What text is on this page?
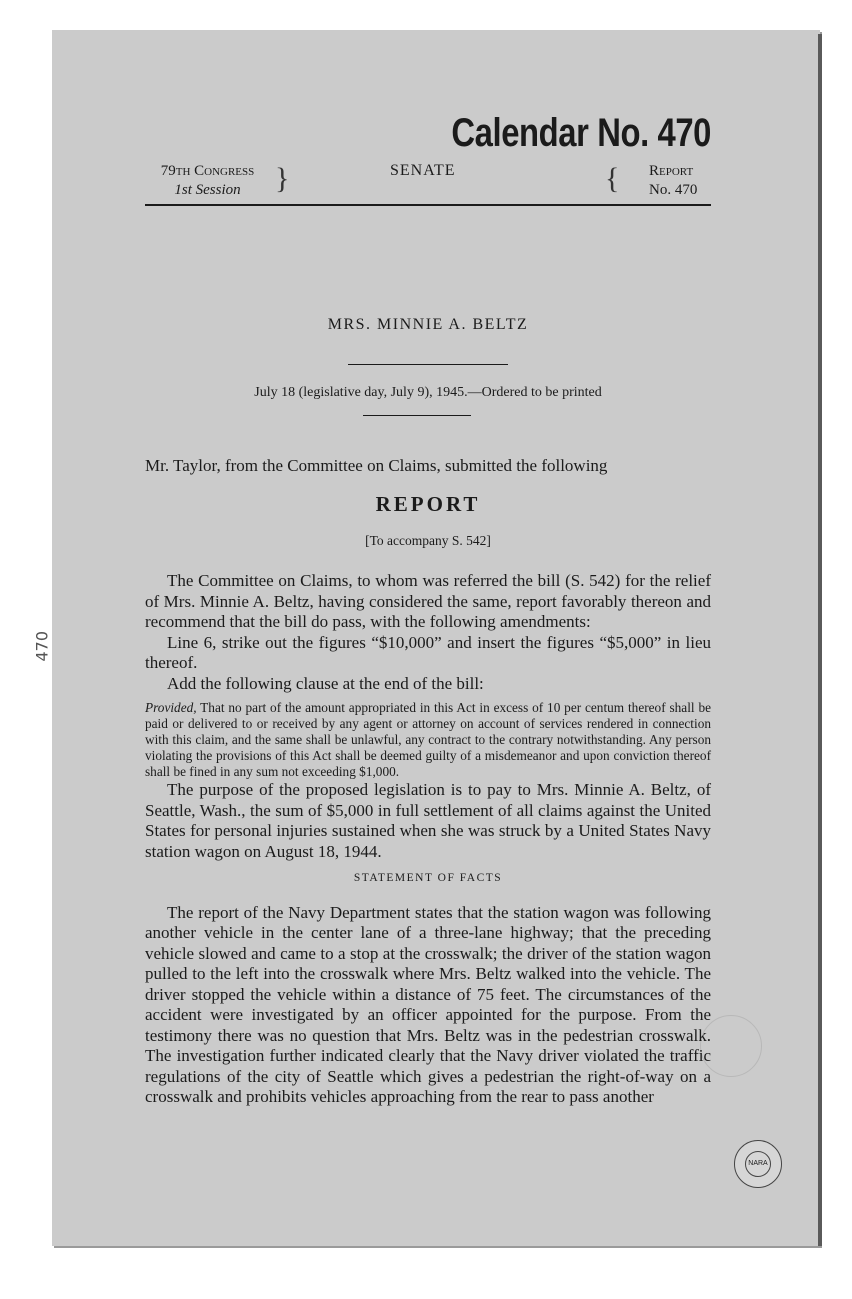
470
Calendar No. 470
79th Congress
1st Session	}	SENATE	{ Report
No. 470
MRS. MINNIE A. BELTZ
July 18 (legislative day, July 9), 1945.—Ordered to be printed
Mr. Taylor, from the Committee on Claims, submitted the following
REPORT
[To accompany S. 542]

The Committee on Claims, to whom was referred the bill (S. 542) for the relief of Mrs. Minnie A. Beltz, having considered the same, report favorably thereon and recommend that the bill do pass, with the following amendments:

Line 6, strike out the figures “$10,000” and insert the figures “$5,000” in lieu thereof.

Add the following clause at the end of the bill:

Provided, That no part of the amount appropriated in this Act in excess of 10 per centum thereof shall be paid or delivered to or received by any agent or attorney on account of services rendered in connection with this claim, and the same shall be unlawful, any contract to the contrary notwithstanding. Any person violating the provisions of this Act shall be deemed guilty of a misdemeanor and upon conviction thereof shall be fined in any sum not exceeding $1,000.

The purpose of the proposed legislation is to pay to Mrs. Minnie A. Beltz, of Seattle, Wash., the sum of $5,000 in full settlement of all claims against the United States for personal injuries sustained when she was struck by a United States Navy station wagon on August 18, 1944.

STATEMENT OF FACTS

The report of the Navy Department states that the station wagon was following another vehicle in the center lane of a three-lane highway; that the preceding vehicle slowed and came to a stop at the crosswalk; the driver of the station wagon pulled to the left into the crosswalk where Mrs. Beltz walked into the vehicle. The driver stopped the vehicle within a distance of 75 feet. The circumstances of the accident were investigated by an officer appointed for the purpose. From the testimony there was no question that Mrs. Beltz was in the pedestrian crosswalk. The investigation further indicated clearly that the Navy driver violated the traffic regulations of the city of Seattle which gives a pedestrian the right-of-way on a crosswalk and prohibits vehicles approaching from the rear to pass another

NARA
